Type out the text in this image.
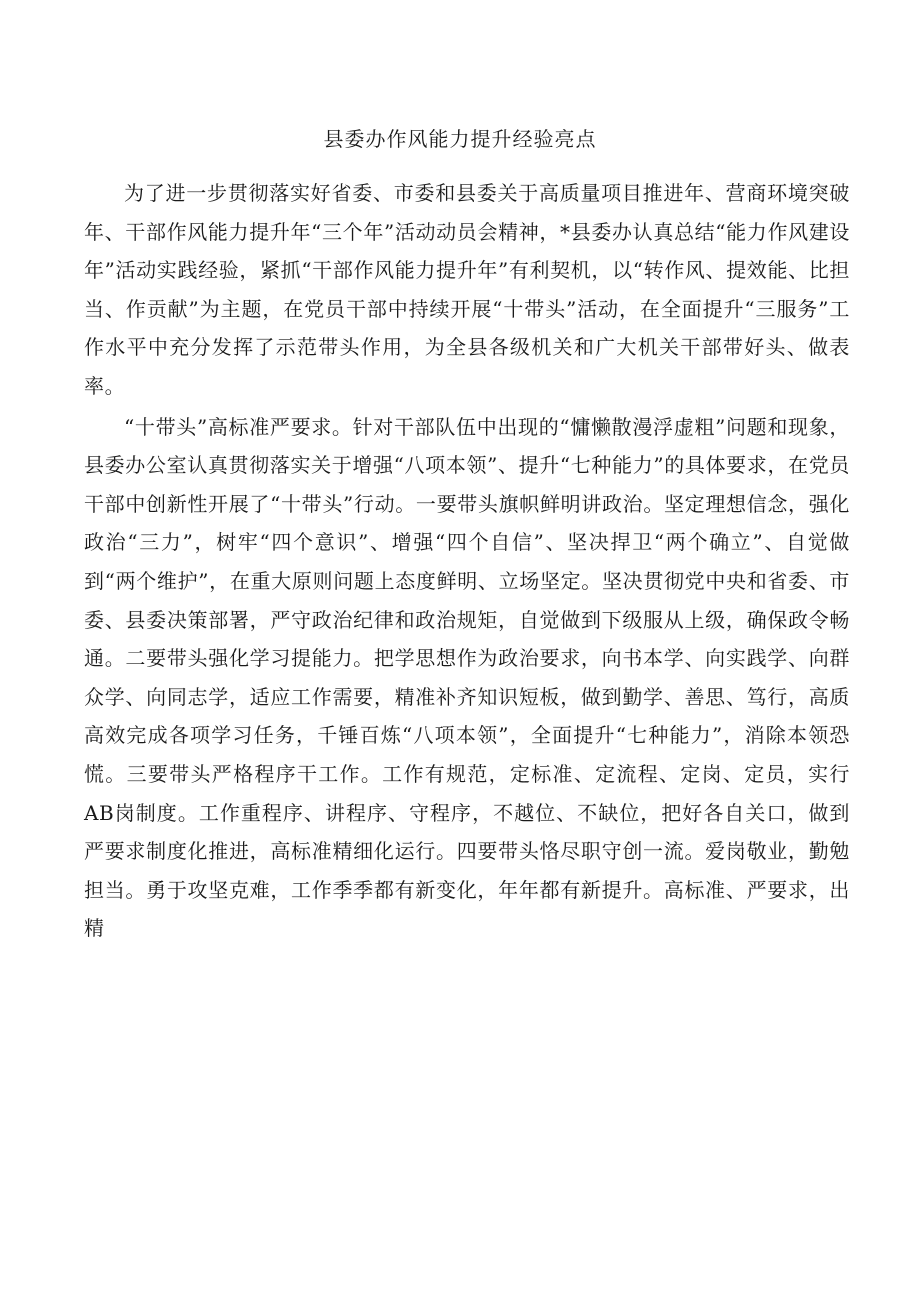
县委办作风能力提升经验亮点

为了进一步贯彻落实好省委、市委和县委关于高质量项目推进年、营商环境突破年、干部作风能力提升年“三个年”活动动员会精神，*县委办认真总结“能力作风建设年”活动实践经验，紧抓“干部作风能力提升年”有利契机，以“转作风、提效能、比担当、作贡献”为主题，在党员干部中持续开展“十带头”活动，在全面提升“三服务”工作水平中充分发挥了示范带头作用，为全县各级机关和广大机关干部带好头、做表率。

“十带头”高标准严要求。针对干部队伍中出现的“慵懒散漫浮虚粗”问题和现象，县委办公室认真贯彻落实关于增强“八项本领”、提升“七种能力”的具体要求，在党员干部中创新性开展了“十带头”行动。一要带头旗帜鲜明讲政治。坚定理想信念，强化政治“三力”，树牢“四个意识”、增强“四个自信”、坚决捍卫“两个确立”、自觉做到“两个维护”，在重大原则问题上态度鲜明、立场坚定。坚决贯彻党中央和省委、市委、县委决策部署，严守政治纪律和政治规矩，自觉做到下级服从上级，确保政令畅通。二要带头强化学习提能力。把学思想作为政治要求，向书本学、向实践学、向群众学、向同志学，适应工作需要，精准补齐知识短板，做到勤学、善思、笃行，高质高效完成各项学习任务，千锤百炼“八项本领”，全面提升“七种能力”，消除本领恐慌。三要带头严格程序干工作。工作有规范，定标准、定流程、定岗、定员，实行AB岗制度。工作重程序、讲程序、守程序，不越位、不缺位，把好各自关口，做到严要求制度化推进，高标准精细化运行。四要带头恪尽职守创一流。爱岗敬业，勤勉担当。勇于攻坚克难，工作季季都有新变化，年年都有新提升。高标准、严要求，出精
